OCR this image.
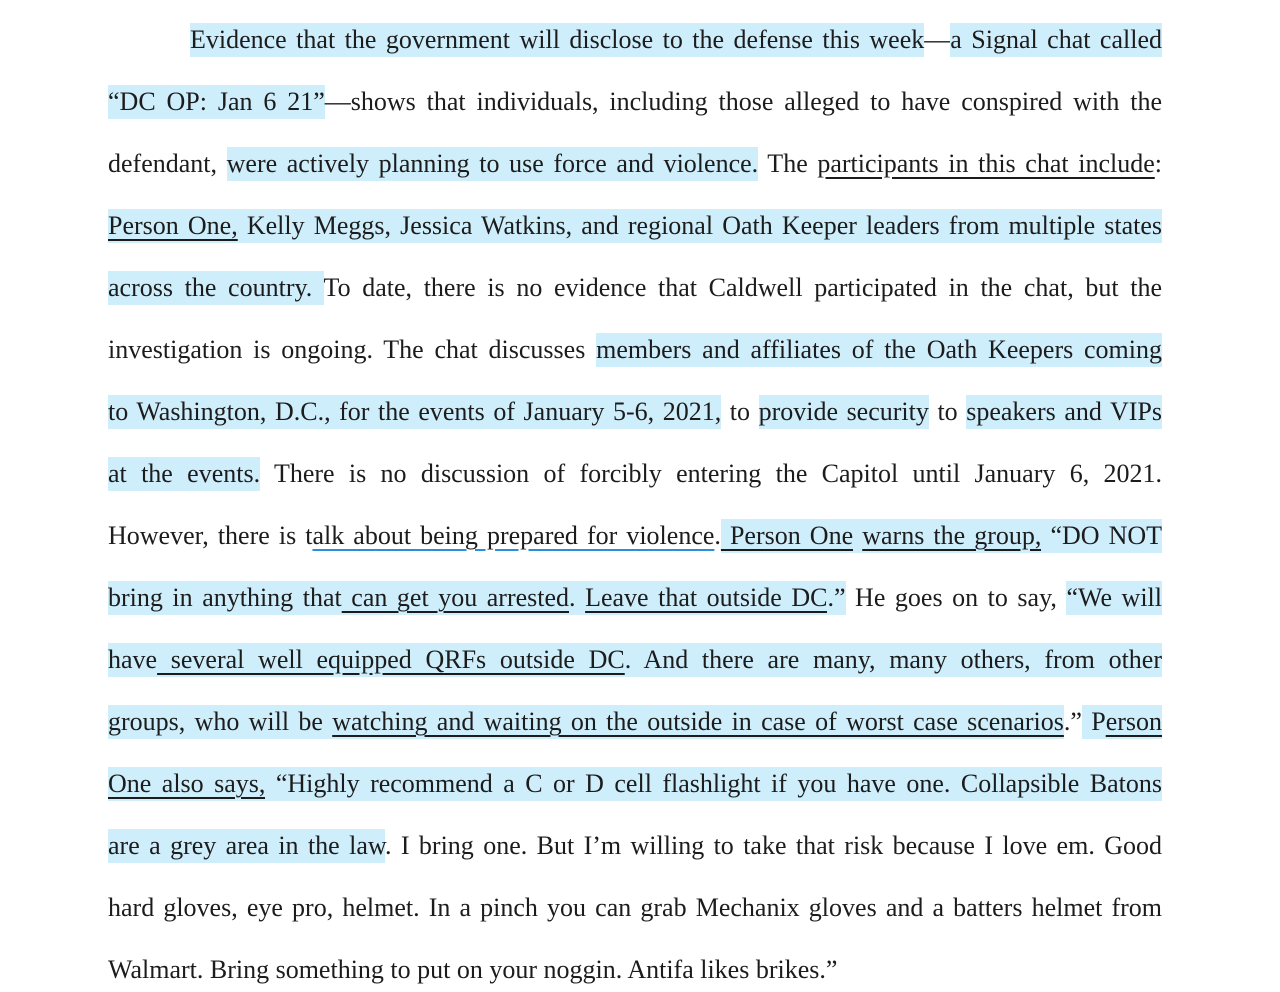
Evidence that the government will disclose to the defense this week—a Signal chat called
“DC OP: Jan 6 21”—shows that individuals, including those alleged to have conspired with the
defendant, were actively planning to use force and violence. The participants in this chat include:
Person One, Kelly Meggs, Jessica Watkins, and regional Oath Keeper leaders from multiple states
across the country. To date, there is no evidence that Caldwell participated in the chat, but the
investigation is ongoing. The chat discusses members and affiliates of the Oath Keepers coming
to Washington, D.C., for the events of January 5-6, 2021, to provide security to speakers and VIPs
at the events. There is no discussion of forcibly entering the Capitol until January 6, 2021.
However, there is talk about being prepared for violence. Person One warns the group, “DO NOT
bring in anything that can get you arrested. Leave that outside DC.” He goes on to say, “We will
have several well equipped QRFs outside DC. And there are many, many others, from other
groups, who will be watching and waiting on the outside in case of worst case scenarios.” Person
One also says, “Highly recommend a C or D cell flashlight if you have one. Collapsible Batons
are a grey area in the law. I bring one. But I’m willing to take that risk because I love em. Good
hard gloves, eye pro, helmet. In a pinch you can grab Mechanix gloves and a batters helmet from
Walmart. Bring something to put on your noggin. Antifa likes brikes.”
